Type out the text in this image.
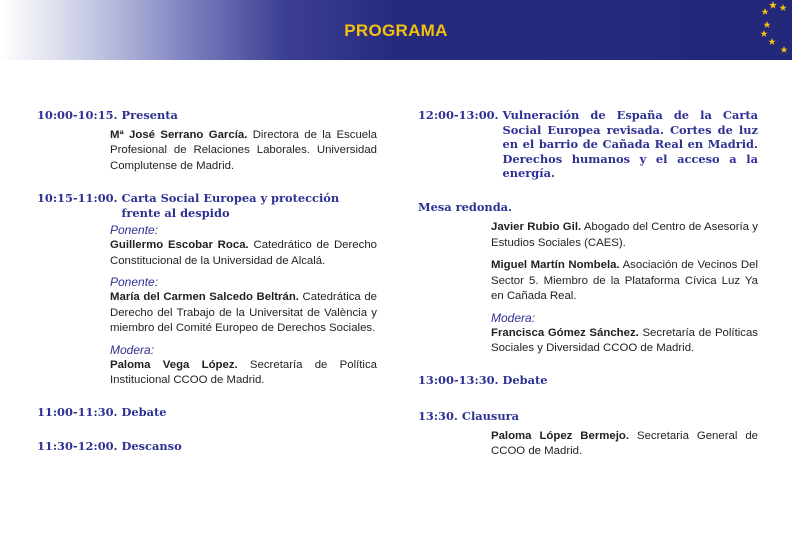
PROGRAMA
10:00-10:15. Presenta
Mª José Serrano García. Directora de la Escuela Profesional de Relaciones Laborales. Universidad Complutense de Madrid.
10:15-11:00. Carta Social Europea y protección frente al despido
Ponente:
Guillermo Escobar Roca. Catedrático de Derecho Constitucional de la Universidad de Alcalá.
Ponente:
María del Carmen Salcedo Beltrán. Catedrática de Derecho del Trabajo de la Universitat de València y miembro del Comité Europeo de Derechos Sociales.
Modera:
Paloma Vega López. Secretaría de Política Institucional CCOO de Madrid.
11:00-11:30. Debate
11:30-12:00. Descanso
12:00-13:00. Vulneración de España de la Carta Social Europea revisada. Cortes de luz en el barrio de Cañada Real en Madrid. Derechos humanos y el acceso a la energía.
Mesa redonda.
Javier Rubio Gil. Abogado del Centro de Asesoría y Estudios Sociales (CAES).
Miguel Martín Nombela. Asociación de Vecinos Del Sector 5. Miembro de la Plataforma Cívica Luz Ya en Cañada Real.
Modera:
Francisca Gómez Sánchez. Secretaría de Políticas Sociales y Diversidad CCOO de Madrid.
13:00-13:30. Debate
13:30. Clausura
Paloma López Bermejo. Secretaria General de CCOO de Madrid.
